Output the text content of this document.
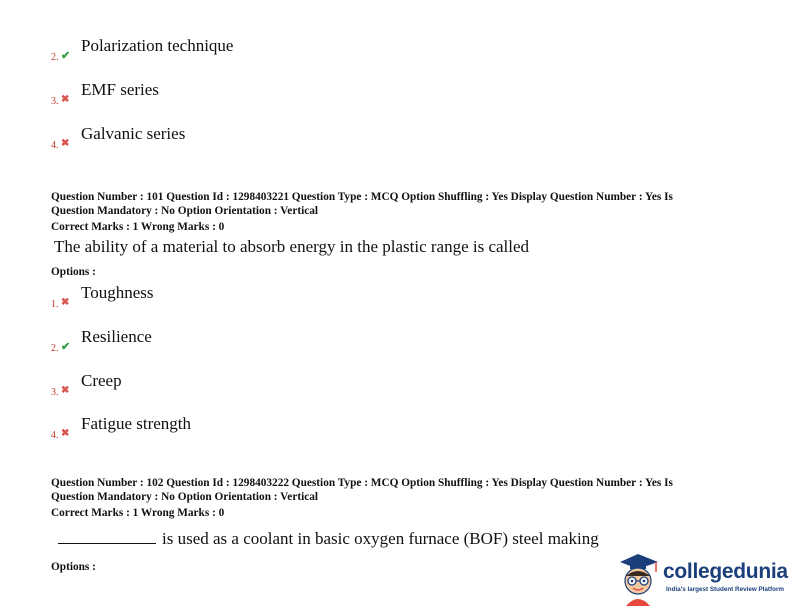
2. ✔
Polarization technique
3. ✖
EMF series
4. ✖
Galvanic series
Question Number : 101 Question Id : 1298403221 Question Type : MCQ Option Shuffling : Yes Display Question Number : Yes Is
Question Mandatory : No Option Orientation : Vertical
Correct Marks : 1 Wrong Marks : 0
The ability of a material to absorb energy in the plastic range is called
Options :
1. ✖
Toughness
2. ✔
Resilience
3. ✖
Creep
4. ✖
Fatigue strength
Question Number : 102 Question Id : 1298403222 Question Type : MCQ Option Shuffling : Yes Display Question Number : Yes Is
Question Mandatory : No Option Orientation : Vertical
Correct Marks : 1 Wrong Marks : 0
is used as a coolant in basic oxygen furnace (BOF) steel making
Options :	collegedunia
India's largest Student Review Platform
